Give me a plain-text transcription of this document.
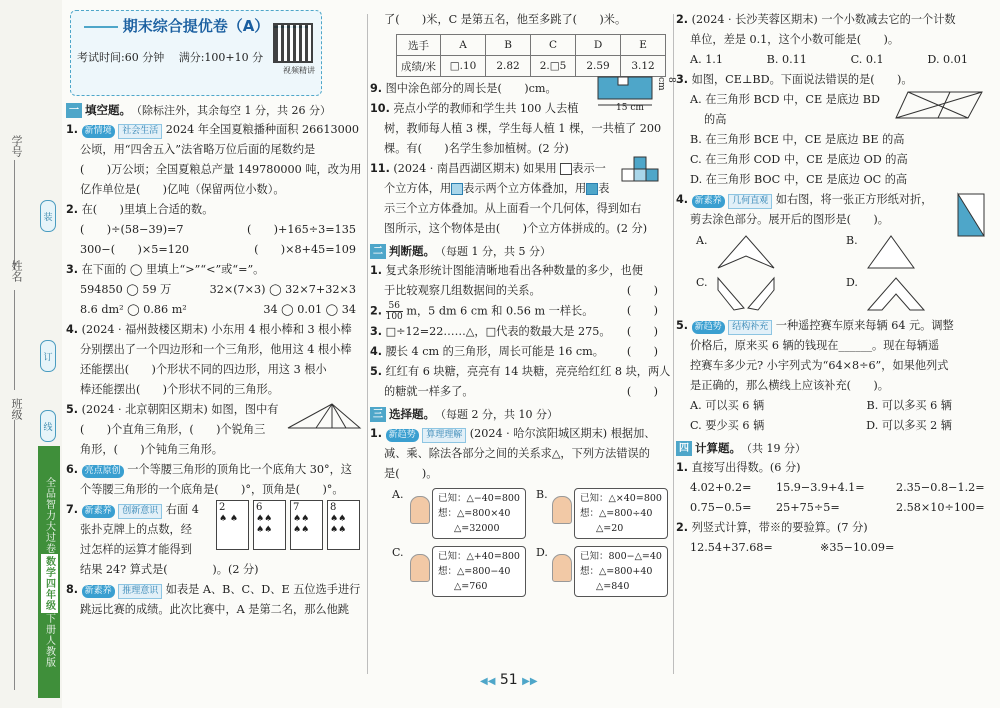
学号
姓名
班级
装
订
线
全品智力大过卷
数学四年级
下册
人教版
期末综合提优卷（A）
考试时间:60 分钟　 满分:100+10 分
视频精讲
一 填空题。 （除标注外，其余每空 1 分，共 26 分）

1. 新情境 社会生活 2024 年全国夏粮播种面积 26613000

公顷，用“四舍五入”法省略万位后面的尾数约是

(　　)万公顷；全国夏粮总产量 149780000 吨，改为用

亿作单位是(　　)亿吨（保留两位小数）。

2. 在(　　)里填上合适的数。

(　　)÷(58−39)=7	(　　)+165÷3=135
300−(　　)×5=120	(　　)×8+45=109

3. 在下面的 ◯ 里填上“>”“<”或“=”。

594850 ◯ 59 万	32×(7×3) ◯ 32×7+32×3
8.6 dm² ◯ 0.86 m²	34 ◯ 0.01 ◯ 34

4. (2024 · 福州鼓楼区期末) 小东用 4 根小棒和 3 根小棒

分别摆出了一个四边形和一个三角形，他用这 4 根小棒

还能摆出(　　)个形状不同的四边形，用这 3 根小

棒还能摆出(　　)个形状不同的三角形。

5. (2024 · 北京朝阳区期末) 如图，图中有

(　　)个直角三角形，(　　)个锐角三

角形，(　　)个钝角三角形。

6. 亮点原创 一个等腰三角形的顶角比一个底角大 30°，这

个等腰三角形的一个底角是(　　)°，顶角是(　　)°。

7. 新素养 创新意识 右面 4

张扑克牌上的点数，经

过怎样的运算才能得到

结果 24? 算式是(　　　　)。(2 分)

2
♠ ♠
6
♠♠
♠♠
7
♠♠
♠♠
8
♠♠
♠♠

8. 新素养 推理意识 如表是 A、B、C、D、E 五位选手进行

跳远比赛的成绩。此次比赛中，A 是第二名，那么他跳

了(　　)米，C 是第五名，他至多跳了(　　)米。

选手	A	B	C	D	E
成绩/米	□.10	2.82	2.□5	2.59	3.12

9. 图中涂色部分的周长是(　　)cm。

15 cm
8 cm

10. 亮点小学的教师和学生共 100 人去植

树，教师每人植 3 棵，学生每人植 1 棵，一共植了 200

棵。有(　　)名学生参加植树。(2 分)

11. (2024 · 南昌西湖区期末) 如果用 表示一

个立方体，用 表示两个立方体叠加，用 表

示三个立方体叠加。从上面看一个几何体，得到如右

图所示，这个物体是由(　　)个立方体拼成的。(2 分)

二 判断题。 （每题 1 分，共 5 分）

1. 复式条形统计图能清晰地看出各种数量的多少，也便

于比较观察几组数据间的关系。	(　　)

2. $\frac{56}{100}$ m，5 dm 6 cm 和 0.56 m 一样长。	(　　)

3. □÷12=22……△，□代表的数最大是 275。 (　　)

4. 腰长 4 cm 的三角形，周长可能是 16 cm。 (　　)

5. 红红有 6 块糖，亮亮有 14 块糖，亮亮给红红 8 块，两人

的糖就一样多了。	(　　)

三 选择题。 （每题 2 分，共 10 分）

1. 新趋势 算理理解 (2024 · 哈尔滨阳城区期末) 根据加、

减、乘、除法各部分之间的关系求△，下列方法错误的

是(　　)。

A.	已知：△−40=800
想：△=800×40
△=32000
B.	已知：△×40=800
想：△=800÷40
△=20
C.	已知：△+40=800
想：△=800−40
△=760
D.	已知：800−△=40
想：△=800+40
△=840

2. (2024 · 长沙芙蓉区期末) 一个小数减去它的一个计数

单位，差是 0.1，这个小数可能是(　　)。

A. 1.1	B. 0.11	C. 0.1	D. 0.01

3. 如图，CE⊥BD。下面说法错误的是(　　)。

A. 在三角形 BCD 中，CE 是底边 BD

的高

B. 在三角形 BCE 中，CE 是底边 BE 的高

C. 在三角形 COD 中，CE 是底边 OD 的高

D. 在三角形 BOC 中，CE 是底边 OC 的高

4. 新素养 几何直观 如右图，将一张正方形纸对折，

剪去涂色部分。展开后的图形是(　　)。

A.	B.
C.	D.

5. 新趋势 结构补充 一种遥控赛车原来每辆 64 元。调整

价格后，原来买 6 辆的钱现在______。现在每辆遥

控赛车多少元? 小宇列式为“64×8÷6”，如果他列式

是正确的，那么横线上应该补充(　　)。

A. 可以买 6 辆	B. 可以多买 6 辆
C. 要少买 6 辆	D. 可以多买 2 辆
四 计算题。 （共 19 分）

1. 直接写出得数。(6 分)

4.02+0.2=	15.9−3.9+4.1=	2.35−0.8−1.2=
0.75−0.5=	25+75÷5=	2.58×10÷100=

2. 列竖式计算，带※的要验算。(7 分)

12.54+37.68=	※35−10.09=
◀◀ 51 ▶▶
